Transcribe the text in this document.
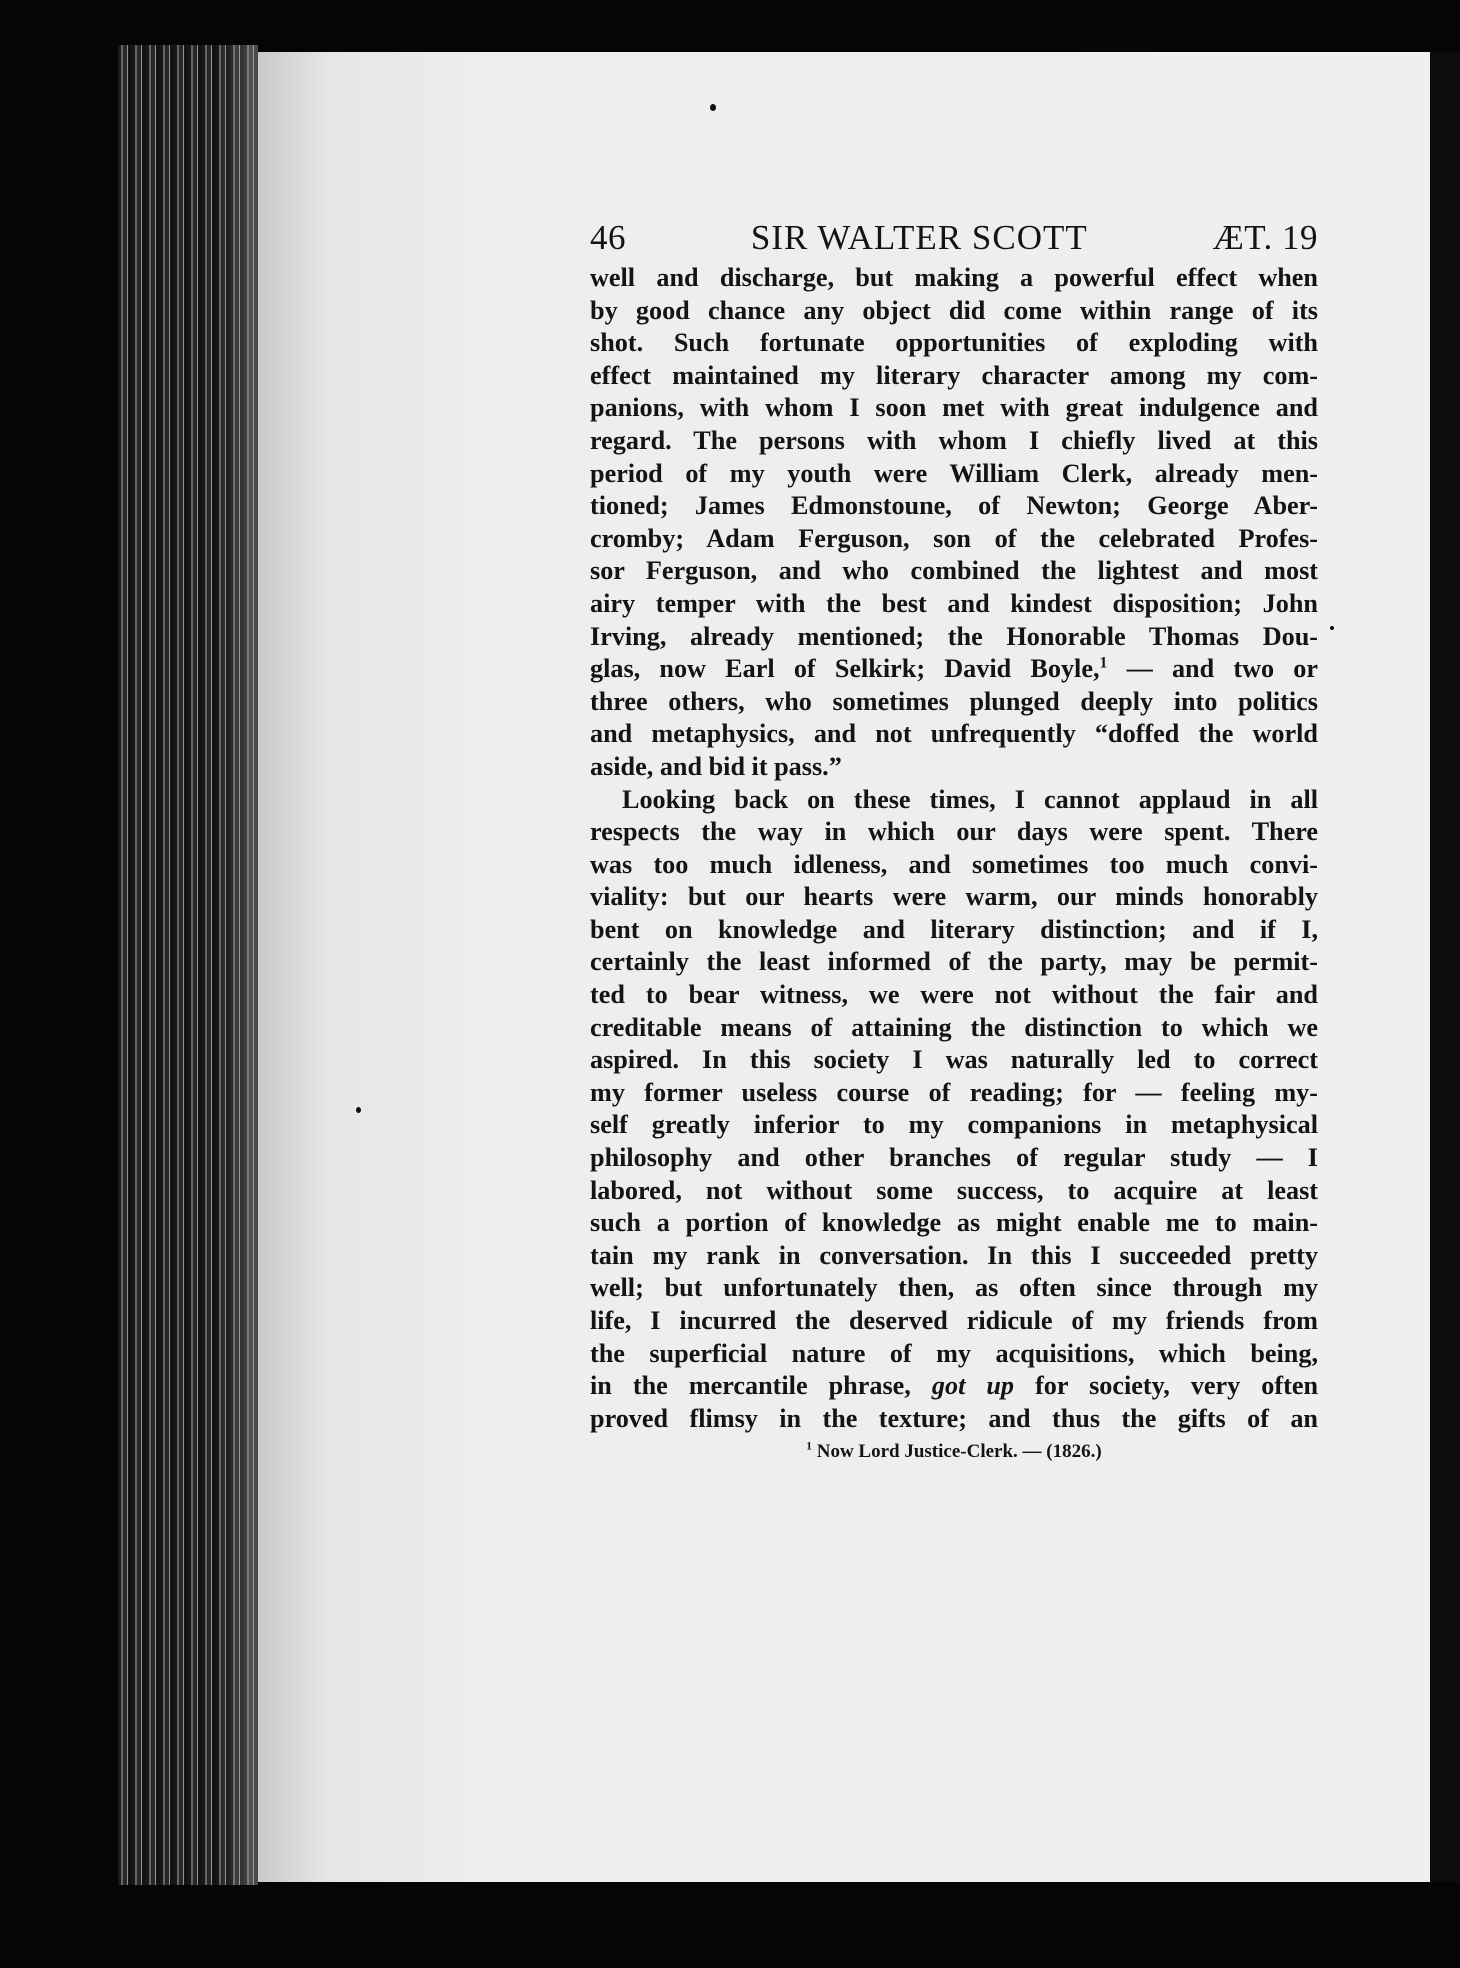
46	SIR WALTER SCOTT	ÆT. 19
well and discharge, but making a powerful effect when
by good chance any object did come within range of its
shot. Such fortunate opportunities of exploding with
effect maintained my literary character among my com-
panions, with whom I soon met with great indulgence and
regard. The persons with whom I chiefly lived at this
period of my youth were William Clerk, already men-
tioned; James Edmonstoune, of Newton; George Aber-
cromby; Adam Ferguson, son of the celebrated Profes-
sor Ferguson, and who combined the lightest and most
airy temper with the best and kindest disposition; John
Irving, already mentioned; the Honorable Thomas Dou-
glas, now Earl of Selkirk; David Boyle,$^1$ — and two or
three others, who sometimes plunged deeply into politics
and metaphysics, and not unfrequently “doffed the world
aside, and bid it pass.”
Looking back on these times, I cannot applaud in all
respects the way in which our days were spent. There
was too much idleness, and sometimes too much convi-
viality: but our hearts were warm, our minds honorably
bent on knowledge and literary distinction; and if I,
certainly the least informed of the party, may be permit-
ted to bear witness, we were not without the fair and
creditable means of attaining the distinction to which we
aspired. In this society I was naturally led to correct
my former useless course of reading; for — feeling my-
self greatly inferior to my companions in metaphysical
philosophy and other branches of regular study — I
labored, not without some success, to acquire at least
such a portion of knowledge as might enable me to main-
tain my rank in conversation. In this I succeeded pretty
well; but unfortunately then, as often since through my
life, I incurred the deserved ridicule of my friends from
the superficial nature of my acquisitions, which being,
in the mercantile phrase, got up for society, very often
proved flimsy in the texture; and thus the gifts of an
$^1$ Now Lord Justice-Clerk. — (1826.)
